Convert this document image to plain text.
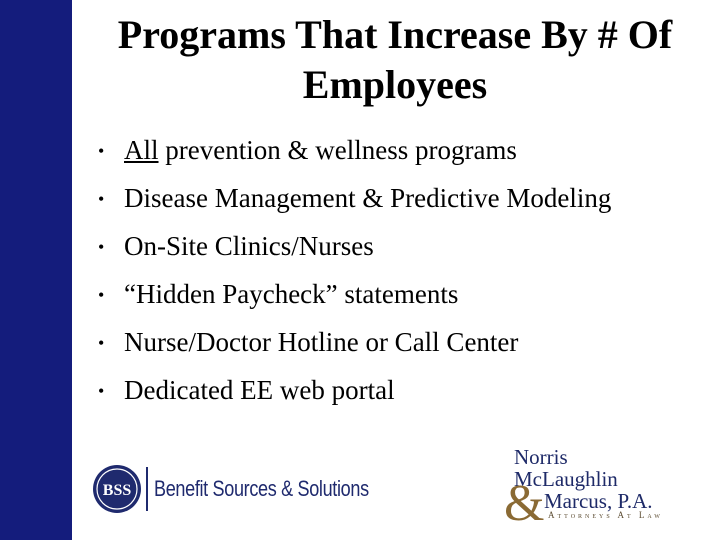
Programs That Increase By # Of Employees
• All prevention & wellness programs
• Disease Management & Predictive Modeling
• On-Site Clinics/Nurses
• “Hidden Paycheck” statements
• Nurse/Doctor Hotline or Call Center
• Dedicated EE web portal
BSS Benefit Sources & Solutions
Norris
McLaughlin
& Marcus, P.A.
Attorneys At Law
